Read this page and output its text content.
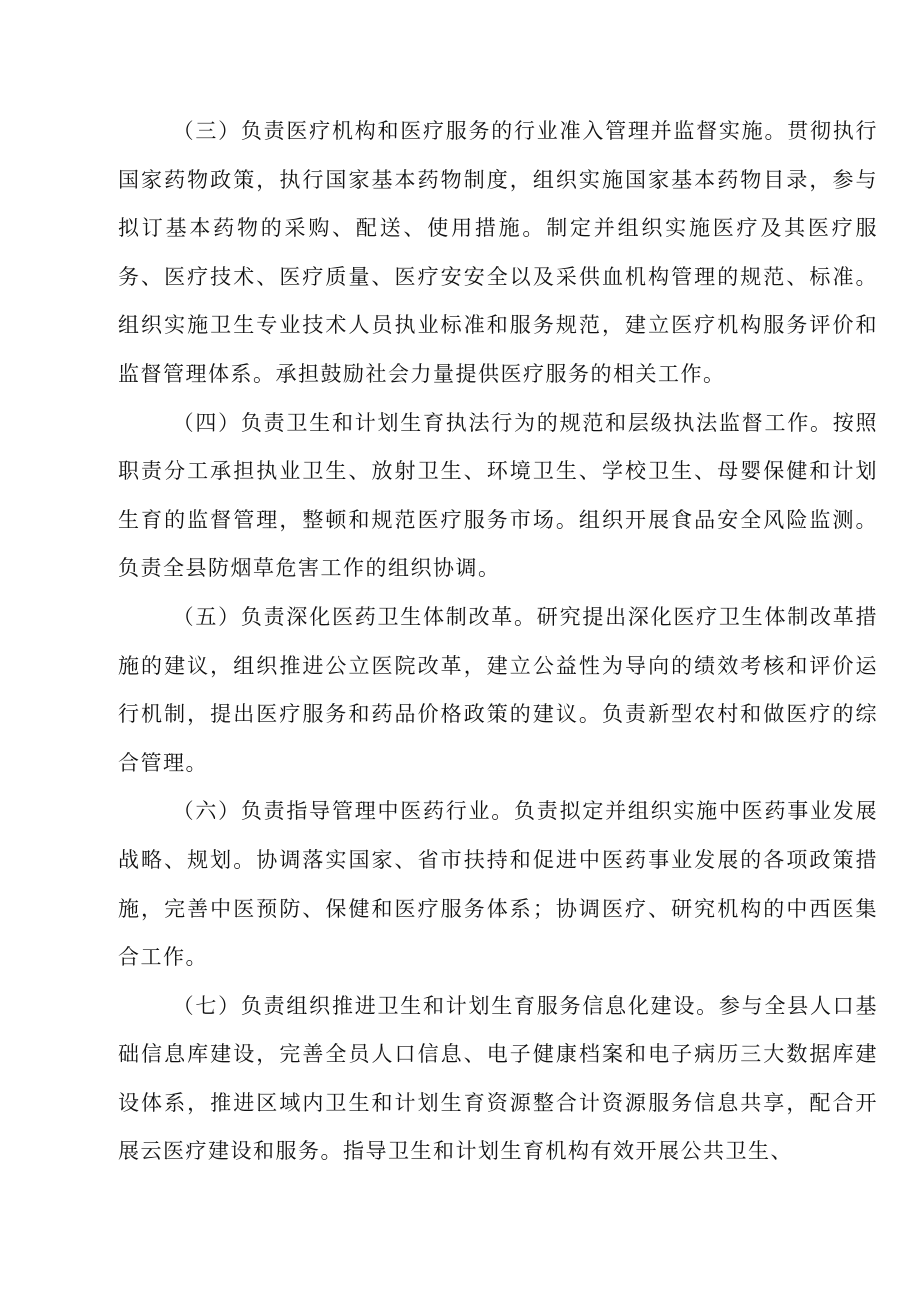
（三）负责医疗机构和医疗服务的行业准入管理并监督实施。贯彻执行国家药物政策，执行国家基本药物制度，组织实施国家基本药物目录，参与拟订基本药物的采购、配送、使用措施。制定并组织实施医疗及其医疗服务、医疗技术、医疗质量、医疗安安全以及采供血机构管理的规范、标准。组织实施卫生专业技术人员执业标准和服务规范，建立医疗机构服务评价和监督管理体系。承担鼓励社会力量提供医疗服务的相关工作。

（四）负责卫生和计划生育执法行为的规范和层级执法监督工作。按照职责分工承担执业卫生、放射卫生、环境卫生、学校卫生、母婴保健和计划生育的监督管理，整顿和规范医疗服务市场。组织开展食品安全风险监测。负责全县防烟草危害工作的组织协调。

（五）负责深化医药卫生体制改革。研究提出深化医疗卫生体制改革措施的建议，组织推进公立医院改革，建立公益性为导向的绩效考核和评价运行机制，提出医疗服务和药品价格政策的建议。负责新型农村和做医疗的综合管理。

（六）负责指导管理中医药行业。负责拟定并组织实施中医药事业发展战略、规划。协调落实国家、省市扶持和促进中医药事业发展的各项政策措施，完善中医预防、保健和医疗服务体系；协调医疗、研究机构的中西医集合工作。

（七）负责组织推进卫生和计划生育服务信息化建设。参与全县人口基础信息库建设，完善全员人口信息、电子健康档案和电子病历三大数据库建设体系，推进区域内卫生和计划生育资源整合计资源服务信息共享，配合开展云医疗建设和服务。指导卫生和计划生育机构有效开展公共卫生、
